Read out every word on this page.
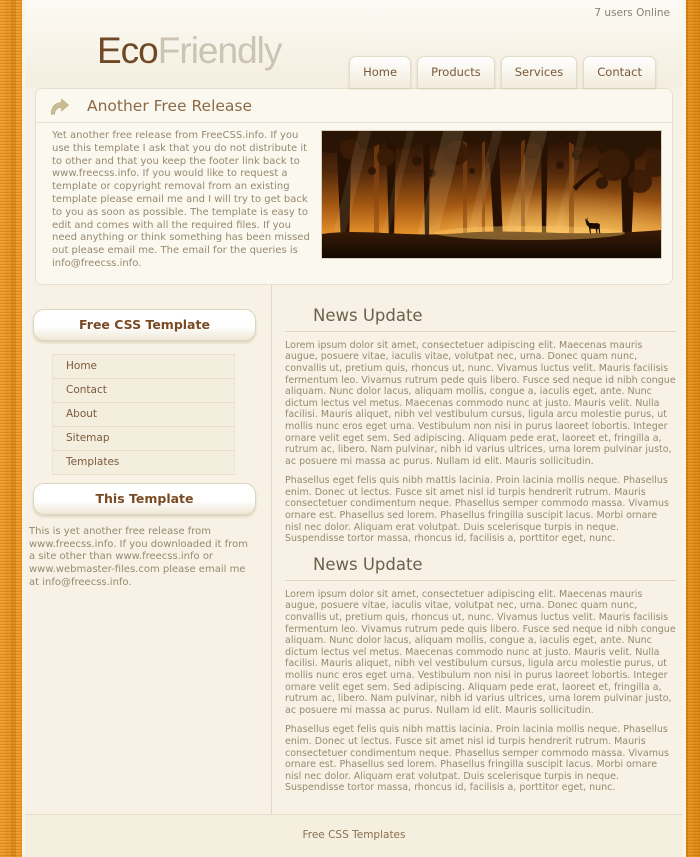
7 users Online
EcoFriendly
Home	Products	Services	Contact
Another Free Release

Yet another free release from FreeCSS.info. If you use this template I ask that you do not distribute it to other and that you keep the footer link back to www.freecss.info. If you would like to request a template or copyright removal from an existing template please email me and I will try to get back to you as soon as possible. The template is easy to edit and comes with all the required files. If you need anything or think something has been missed out please email me. The email for the queries is info@freecss.info.

Free CSS Template
Home
Contact
About
Sitemap
Templates
This Template

This is yet another free release from www.freecss.info. If you downloaded it from a site other than www.freecss.info or www.webmaster-files.com please email me at info@freecss.info.

News Update

Lorem ipsum dolor sit amet, consectetuer adipiscing elit. Maecenas mauris augue, posuere vitae, iaculis vitae, volutpat nec, urna. Donec quam nunc, convallis ut, pretium quis, rhoncus ut, nunc. Vivamus luctus velit. Mauris facilisis fermentum leo. Vivamus rutrum pede quis libero. Fusce sed neque id nibh congue aliquam. Nunc dolor lacus, aliquam mollis, congue a, iaculis eget, ante. Nunc dictum lectus vel metus. Maecenas commodo nunc at justo. Mauris velit. Nulla facilisi. Mauris aliquet, nibh vel vestibulum cursus, ligula arcu molestie purus, ut mollis nunc eros eget urna. Vestibulum non nisi in purus laoreet lobortis. Integer ornare velit eget sem. Sed adipiscing. Aliquam pede erat, laoreet et, fringilla a, rutrum ac, libero. Nam pulvinar, nibh id varius ultrices, urna lorem pulvinar justo, ac posuere mi massa ac purus. Nullam id elit. Mauris sollicitudin.

Phasellus eget felis quis nibh mattis lacinia. Proin lacinia mollis neque. Phasellus enim. Donec ut lectus. Fusce sit amet nisl id turpis hendrerit rutrum. Mauris consectetuer condimentum neque. Phasellus semper commodo massa. Vivamus ornare est. Phasellus sed lorem. Phasellus fringilla suscipit lacus. Morbi ornare nisl nec dolor. Aliquam erat volutpat. Duis scelerisque turpis in neque. Suspendisse tortor massa, rhoncus id, facilisis a, porttitor eget, nunc.

News Update

Lorem ipsum dolor sit amet, consectetuer adipiscing elit. Maecenas mauris augue, posuere vitae, iaculis vitae, volutpat nec, urna. Donec quam nunc, convallis ut, pretium quis, rhoncus ut, nunc. Vivamus luctus velit. Mauris facilisis fermentum leo. Vivamus rutrum pede quis libero. Fusce sed neque id nibh congue aliquam. Nunc dolor lacus, aliquam mollis, congue a, iaculis eget, ante. Nunc dictum lectus vel metus. Maecenas commodo nunc at justo. Mauris velit. Nulla facilisi. Mauris aliquet, nibh vel vestibulum cursus, ligula arcu molestie purus, ut mollis nunc eros eget urna. Vestibulum non nisi in purus laoreet lobortis. Integer ornare velit eget sem. Sed adipiscing. Aliquam pede erat, laoreet et, fringilla a, rutrum ac, libero. Nam pulvinar, nibh id varius ultrices, urna lorem pulvinar justo, ac posuere mi massa ac purus. Nullam id elit. Mauris sollicitudin.

Phasellus eget felis quis nibh mattis lacinia. Proin lacinia mollis neque. Phasellus enim. Donec ut lectus. Fusce sit amet nisl id turpis hendrerit rutrum. Mauris consectetuer condimentum neque. Phasellus semper commodo massa. Vivamus ornare est. Phasellus sed lorem. Phasellus fringilla suscipit lacus. Morbi ornare nisl nec dolor. Aliquam erat volutpat. Duis scelerisque turpis in neque. Suspendisse tortor massa, rhoncus id, facilisis a, porttitor eget, nunc.

Free CSS Templates
